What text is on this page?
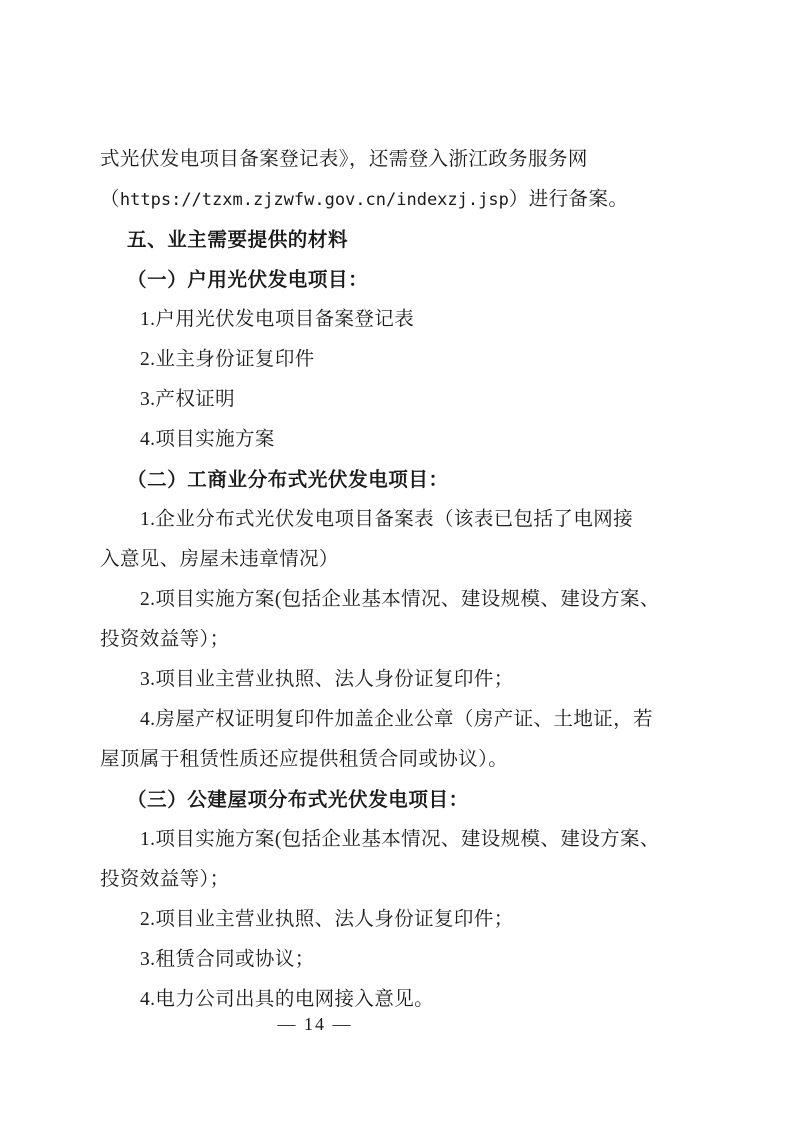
式光伏发电项目备案登记表》，还需登入浙江政务服务网
（https://tzxm.zjzwfw.gov.cn/indexzj.jsp）进行备案。
五、业主需要提供的材料
（一）户用光伏发电项目：
1.户用光伏发电项目备案登记表
2.业主身份证复印件
3.产权证明
4.项目实施方案
（二）工商业分布式光伏发电项目：
1.企业分布式光伏发电项目备案表（该表已包括了电网接
入意见、房屋未违章情况）
2.项目实施方案(包括企业基本情况、建设规模、建设方案、
投资效益等）；
3.项目业主营业执照、法人身份证复印件；
4.房屋产权证明复印件加盖企业公章（房产证、土地证，若
屋顶属于租赁性质还应提供租赁合同或协议）。
（三）公建屋项分布式光伏发电项目：
1.项目实施方案(包括企业基本情况、建设规模、建设方案、
投资效益等）；
2.项目业主营业执照、法人身份证复印件；
3.租赁合同或协议；
4.电力公司出具的电网接入意见。
— 14 —
